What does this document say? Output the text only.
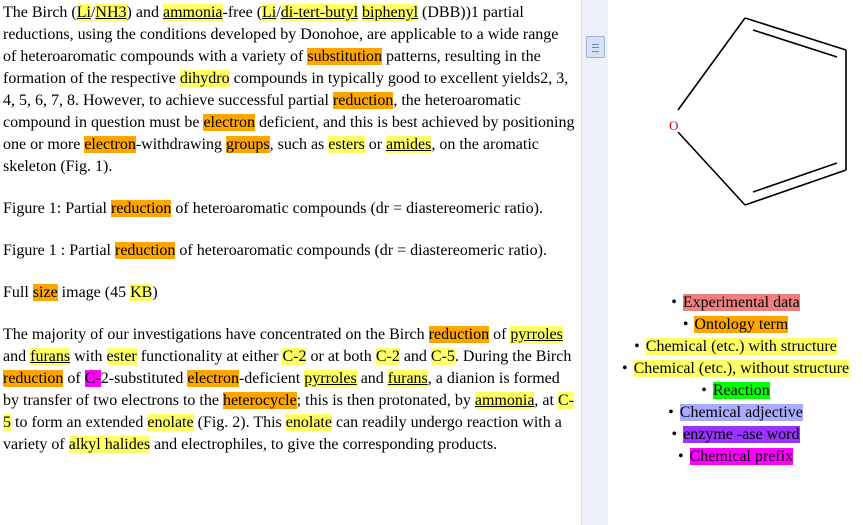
The Birch (Li/NH3) and ammonia-free (Li/di-tert-butyl biphenyl (DBB))1 partial reductions, using the conditions developed by Donohoe, are applicable to a wide range of heteroaromatic compounds with a variety of substitution patterns, resulting in the formation of the respective dihydro compounds in typically good to excellent yields2, 3, 4, 5, 6, 7, 8. However, to achieve successful partial reduction, the heteroaromatic compound in question must be electron deficient, and this is best achieved by positioning one or more electron-withdrawing groups, such as esters or amides, on the aromatic skeleton (Fig. 1).

Figure 1: Partial reduction of heteroaromatic compounds (dr = diastereomeric ratio).

Figure 1 : Partial reduction of heteroaromatic compounds (dr = diastereomeric ratio).

Full size image (45 KB)

The majority of our investigations have concentrated on the Birch reduction of pyrroles and furans with ester functionality at either C-2 or at both C-2 and C-5. During the Birch reduction of C-2-substituted electron-deficient pyrroles and furans, a dianion is formed by transfer of two electrons to the heterocycle; this is then protonated, by ammonia, at C-5 to form an extended enolate (Fig. 2). This enolate can readily undergo reaction with a variety of alkyl halides and electrophiles, to give the corresponding products.

O
• Experimental data
• Ontology term
• Chemical (etc.) with structure
• Chemical (etc.), without structure
• Reaction
• Chemical adjective
• enzyme -ase word
• Chemical prefix
